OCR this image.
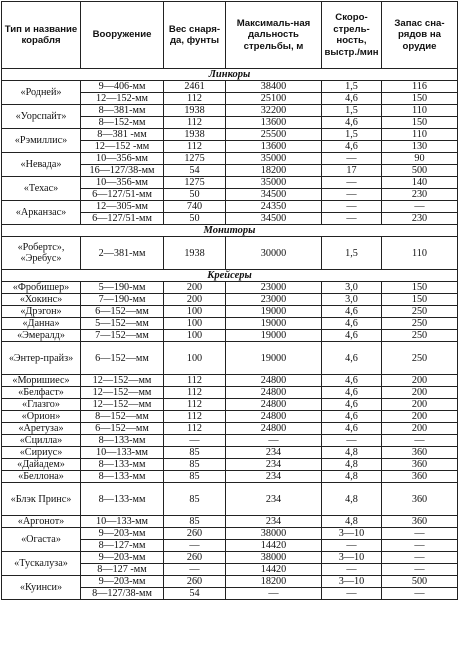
Тип и название корабля	Вооружение	Вес снаря-да, фунты	Максималь-ная дальность стрельбы, м	Скоро-стрель-ность, выстр./мин	Запас сна-рядов на орудие
Линкоры					
«Родней»	9—406-мм	2461	38400	1,5	116
	12—152-мм	112	25100	4,6	150
«Уорспайт»	8—381-мм	1938	32200	1,5	110
	8—152-мм	112	13600	4,6	150
«Рэмиллис»	8—381 -мм	1938	25500	1,5	110
	12—152 -мм	112	13600	4,6	130
«Невада»	10—356-мм	1275	35000	—	90
	16—127/38-мм	54	18200	17	500
«Техас»	10—356-мм	1275	35000	—	140
	6—127/51-мм	50	34500	—	230
«Арканзас»	12—305-мм	740	24350	—	—
	6—127/51-мм	50	34500	—	230
Мониторы					
«Робертс», «Эребус»	2—381-мм	1938	30000	1,5	110
Крейсеры					
«Фробишер»	5—190-мм	200	23000	3,0	150
«Хокинс»	7—190-мм	200	23000	3,0	150
«Дрэгон»	6—152—мм	100	19000	4,6	250
«Данна»	5—152—мм	100	19000	4,6	250
«Эмералд»	7—152—мм	100	19000	4,6	250
«Энтер-прайз»	6—152—мм	100	19000	4,6	250
«Моришиес»	12—152—мм	112	24800	4,6	200
«Белфаст»	12—152—мм	112	24800	4,6	200
«Глазго»	12—152—мм	112	24800	4,6	200
«Орион»	8—152—мм	112	24800	4,6	200
«Аретуза»	6—152—мм	112	24800	4,6	200
«Сцилла»	8—133-мм	—	—	—	—
«Сириус»	10—133-мм	85	234	4,8	360
«Дайадем»	8—133-мм	85	234	4,8	360
«Беллона»	8—133-мм	85	234	4,8	360
«Блэк Принс»	8—133-мм	85	234	4,8	360
«Аргонот»	10—133-мм	85	234	4,8	360
«Огаста»	9—203-мм	260	38000	3—10	—
	8—127-мм	—	14420	—	—
«Тускалуза»	9—203-мм	260	38000	3—10	—
	8—127 -мм	—	14420	—	—
«Куинси»	9—203-мм	260	18200	3—10	500
	8—127/38-мм	54	—	—	—
